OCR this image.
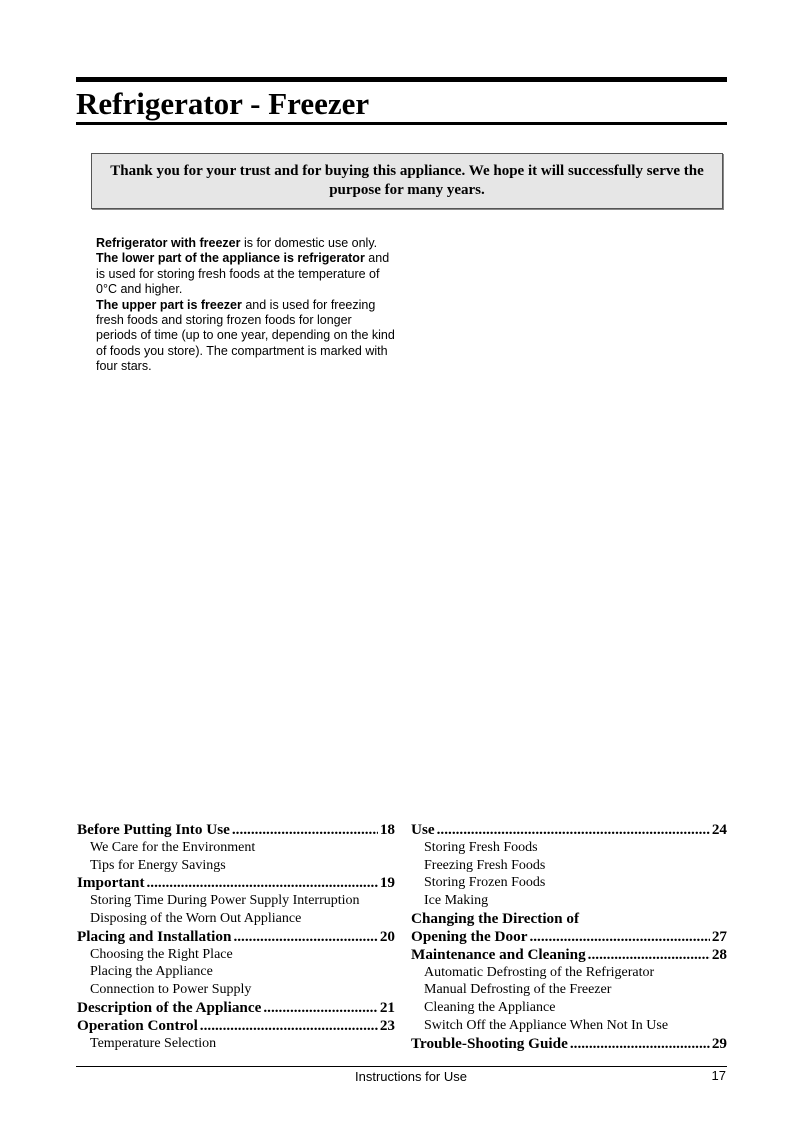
Refrigerator - Freezer
Thank you for your trust and for buying this appliance. We hope it will successfully serve the purpose for many years.

Refrigerator with freezer is for domestic use only.

The lower part of the appliance is refrigerator and is used for storing fresh foods at the temperature of 0°C and higher.

The upper part is freezer and is used for freezing fresh foods and storing frozen foods for longer periods of time (up to one year, depending on the kind of foods you store). The compartment is marked with four stars.

Before Putting Into Use .....	18
We Care for the Environment
Tips for Energy Savings
Important .....	19
Storing Time During Power Supply Interruption
Disposing of the Worn Out Appliance
Placing and Installation .....	20
Choosing the Right Place
Placing the Appliance
Connection to Power Supply
Description of the Appliance .....	21
Operation Control .....	23
Temperature Selection
Use .....	24
Storing Fresh Foods
Freezing Fresh Foods
Storing Frozen Foods
Ice Making
Changing the Direction of
Opening the Door .....	27
Maintenance and Cleaning .....	28
Automatic Defrosting of the Refrigerator
Manual Defrosting of the Freezer
Cleaning the Appliance
Switch Off the Appliance When Not In Use
Trouble-Shooting Guide .....	29
Instructions for Use	17
